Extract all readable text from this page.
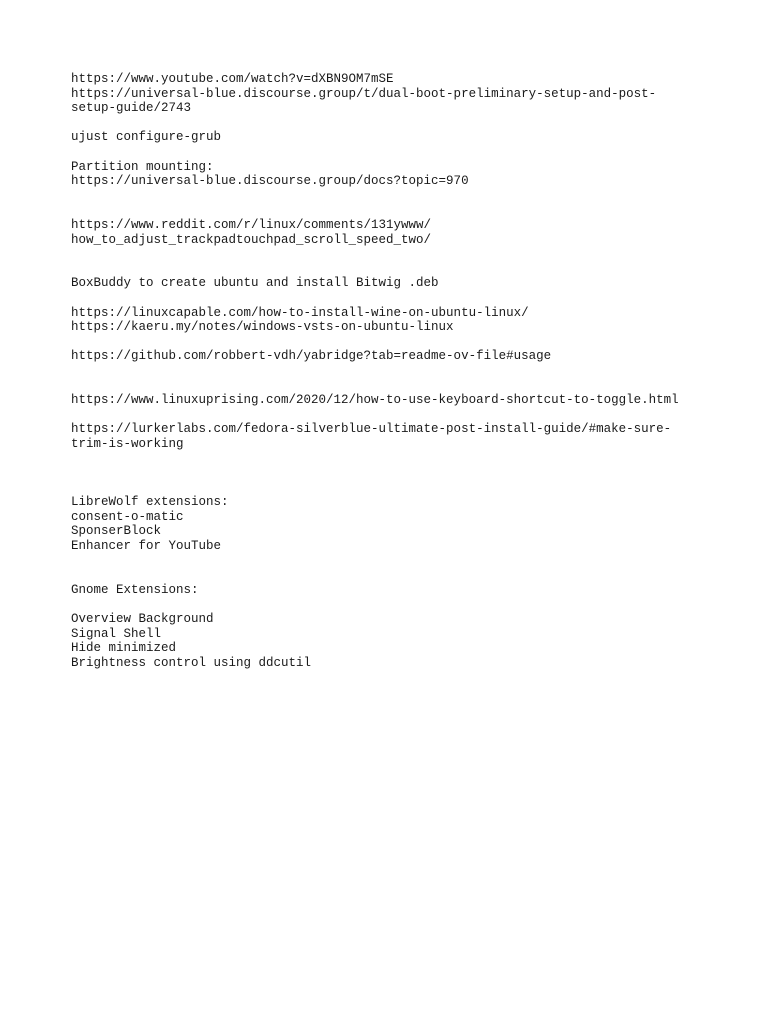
https://www.youtube.com/watch?v=dXBN9OM7mSE
https://universal-blue.discourse.group/t/dual-boot-preliminary-setup-and-post-
setup-guide/2743
ujust configure-grub
Partition mounting:
https://universal-blue.discourse.group/docs?topic=970
https://www.reddit.com/r/linux/comments/131ywww/
how_to_adjust_trackpadtouchpad_scroll_speed_two/
BoxBuddy to create ubuntu and install Bitwig .deb
https://linuxcapable.com/how-to-install-wine-on-ubuntu-linux/
https://kaeru.my/notes/windows-vsts-on-ubuntu-linux
https://github.com/robbert-vdh/yabridge?tab=readme-ov-file#usage
https://www.linuxuprising.com/2020/12/how-to-use-keyboard-shortcut-to-toggle.html
https://lurkerlabs.com/fedora-silverblue-ultimate-post-install-guide/#make-sure-
trim-is-working
LibreWolf extensions:
consent-o-matic
SponserBlock
Enhancer for YouTube
Gnome Extensions:
Overview Background
Signal Shell
Hide minimized
Brightness control using ddcutil
